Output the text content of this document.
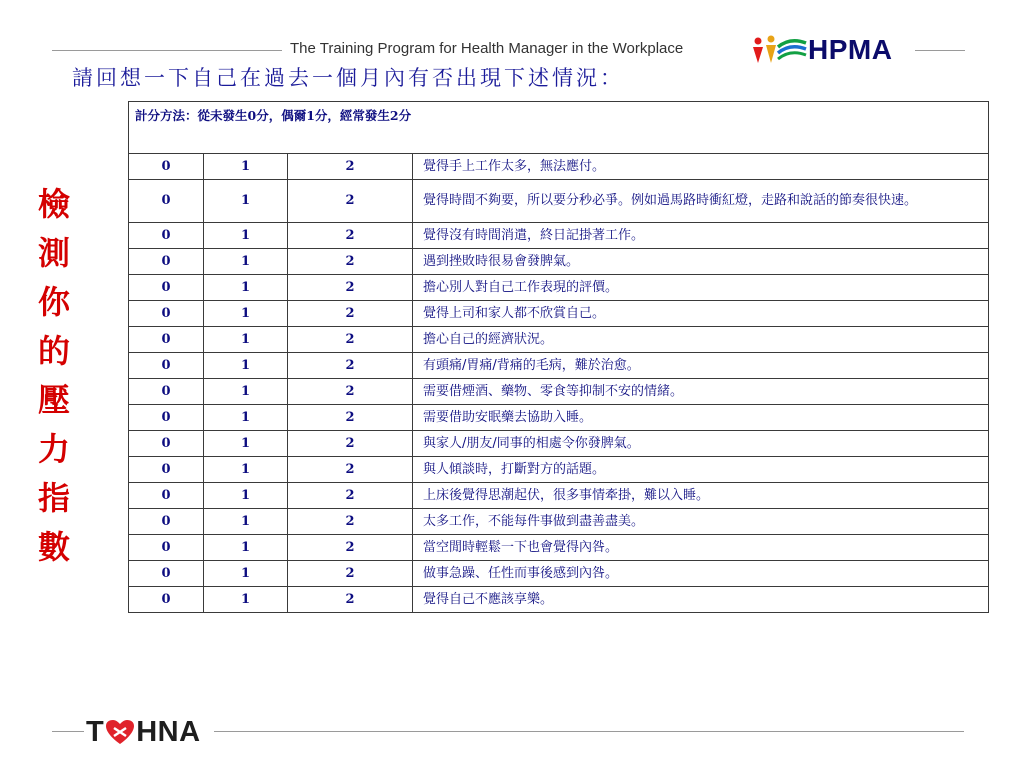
The Training Program for Health Manager in the Workplace	HPMA
請回想一下自己在過去一個月內有否出現下述情況：
檢
測
你
的
壓
力
指
數
計分方法：從未發生0分，偶爾1分，經常發生2分			
0	1	2	覺得手上工作太多，無法應付。
0	1	2	覺得時間不夠要，所以要分秒必爭。例如過馬路時衝紅燈，走路和說話的節奏很快速。
0	1	2	覺得沒有時間消遣，終日記掛著工作。
0	1	2	遇到挫敗時很易會發脾氣。
0	1	2	擔心別人對自己工作表現的評價。
0	1	2	覺得上司和家人都不欣賞自己。
0	1	2	擔心自己的經濟狀況。
0	1	2	有頭痛/胃痛/背痛的毛病，難於治愈。
0	1	2	需要借煙酒、藥物、零食等抑制不安的情緒。
0	1	2	需要借助安眠藥去協助入睡。
0	1	2	與家人/朋友/同事的相處令你發脾氣。
0	1	2	與人傾談時，打斷對方的話題。
0	1	2	上床後覺得思潮起伏，很多事情牽掛，難以入睡。
0	1	2	太多工作，不能每件事做到盡善盡美。
0	1	2	當空閒時輕鬆一下也會覺得內咎。
0	1	2	做事急躁、任性而事後感到內咎。
0	1	2	覺得自己不應該享樂。
T HNA
